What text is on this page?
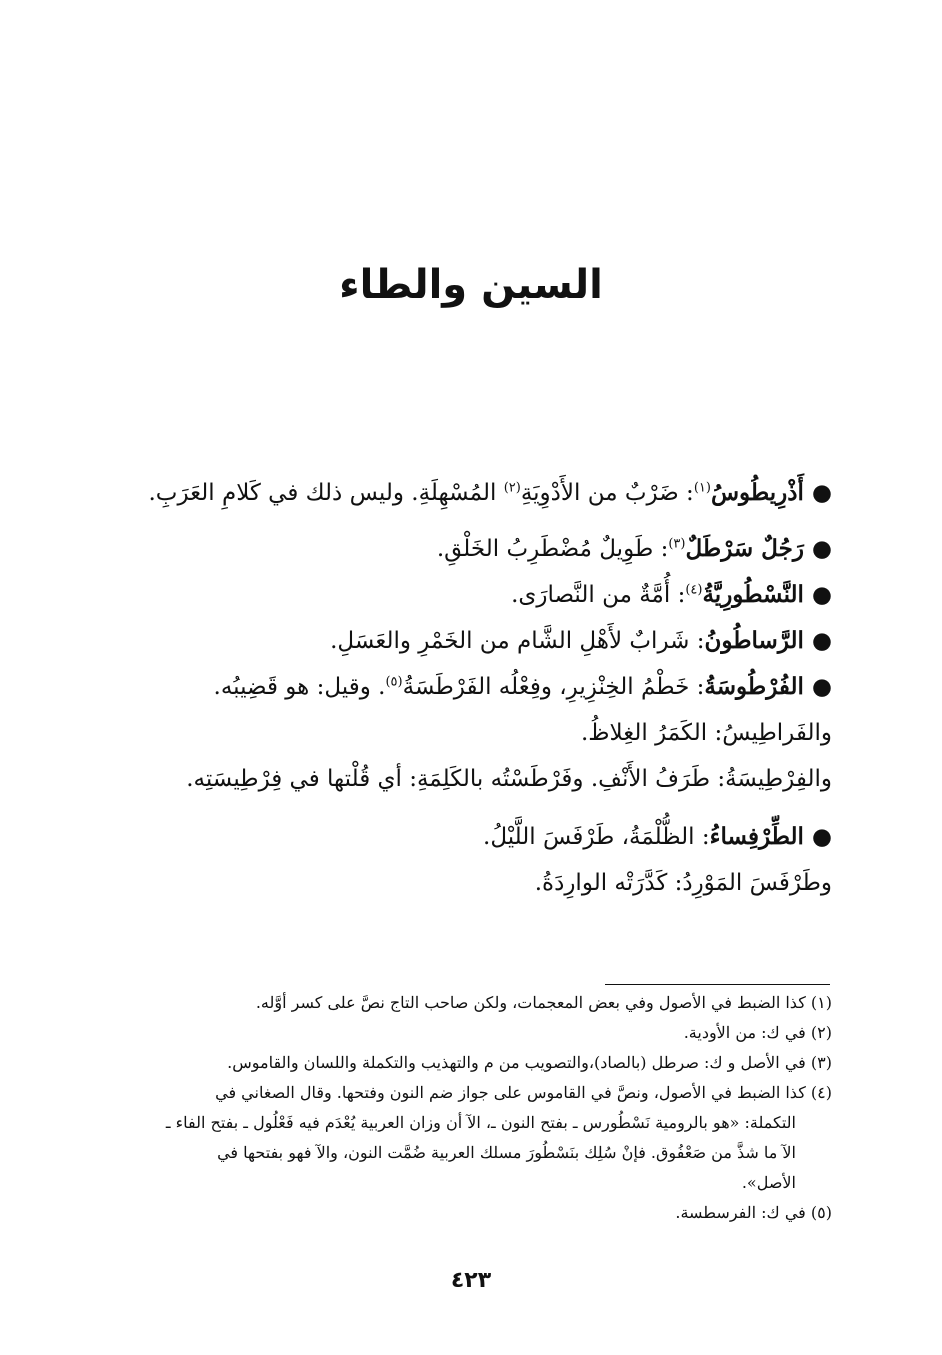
السين والطاء

●أَذْرِيطُوسُ$^{(١)}$: ضَرْبٌ من الأَدْوِيَةِ$^{(٢)}$ المُسْهِلَةِ. وليس ذلك في كَلامِ العَرَبِ.

●رَجُلٌ سَرْطَلٌ$^{(٣)}$: طَوِيلٌ مُضْطَرِبُ الخَلْقِ.

●النَّسْطُورِيَّةُ$^{(٤)}$: أُمَّةٌ من النَّصارَى.

●الرَّساطُونُ: شَرابٌ لأَهْلِ الشَّام من الخَمْرِ والعَسَلِ.

●الفُرْطُوسَةُ: خَطْمُ الخِنْزِيرِ، وفِعْلُه الفَرْطَسَةُ$^{(٥)}$. وقيل: هو قَضِيبُه.

والفَراطِيسُ: الكَمَرُ الغِلاظُ.

والفِرْطِيسَةُ: طَرَفُ الأَنْفِ. وفَرْطَسْتُه بالكَلِمَةِ: أي قُلْتها في فِرْطِيسَتِه.

●الطِّرْفِساءُ: الظُّلْمَةُ، طَرْفَسَ اللَّيْلُ.

وطَرْفَسَ المَوْرِدُ: كَدَّرَتْه الوارِدَةُ.

(١) كذا الضبط في الأصول وفي بعض المعجمات، ولكن صاحب التاج نصَّ على كسر أوَّله.

(٢) في ك: من الأودية.

(٣) في الأصل و ك: صرطل (بالصاد)،والتصويب من م والتهذيب والتكملة واللسان والقاموس.

(٤) كذا الضبط في الأصول، ونصَّ في القاموس على جواز ضم النون وفتحها. وقال الصغاني في
التكملة: «هو بالرومية نَسْطُورس ـ بفتح النون ـ، الآ أن وزان العربية يُعْدَم فيه فَعْلُول ـ بفتح الفاء ـ
الآ ما شذَّ من صَعْفُوق. فإنْ سُلِك بنَسْطُورَ مسلك العربية ضُمَّت النون، والآ فهو بفتحها في
الأصل».

(٥) في ك: الفرسطسة.

٤٢٣
